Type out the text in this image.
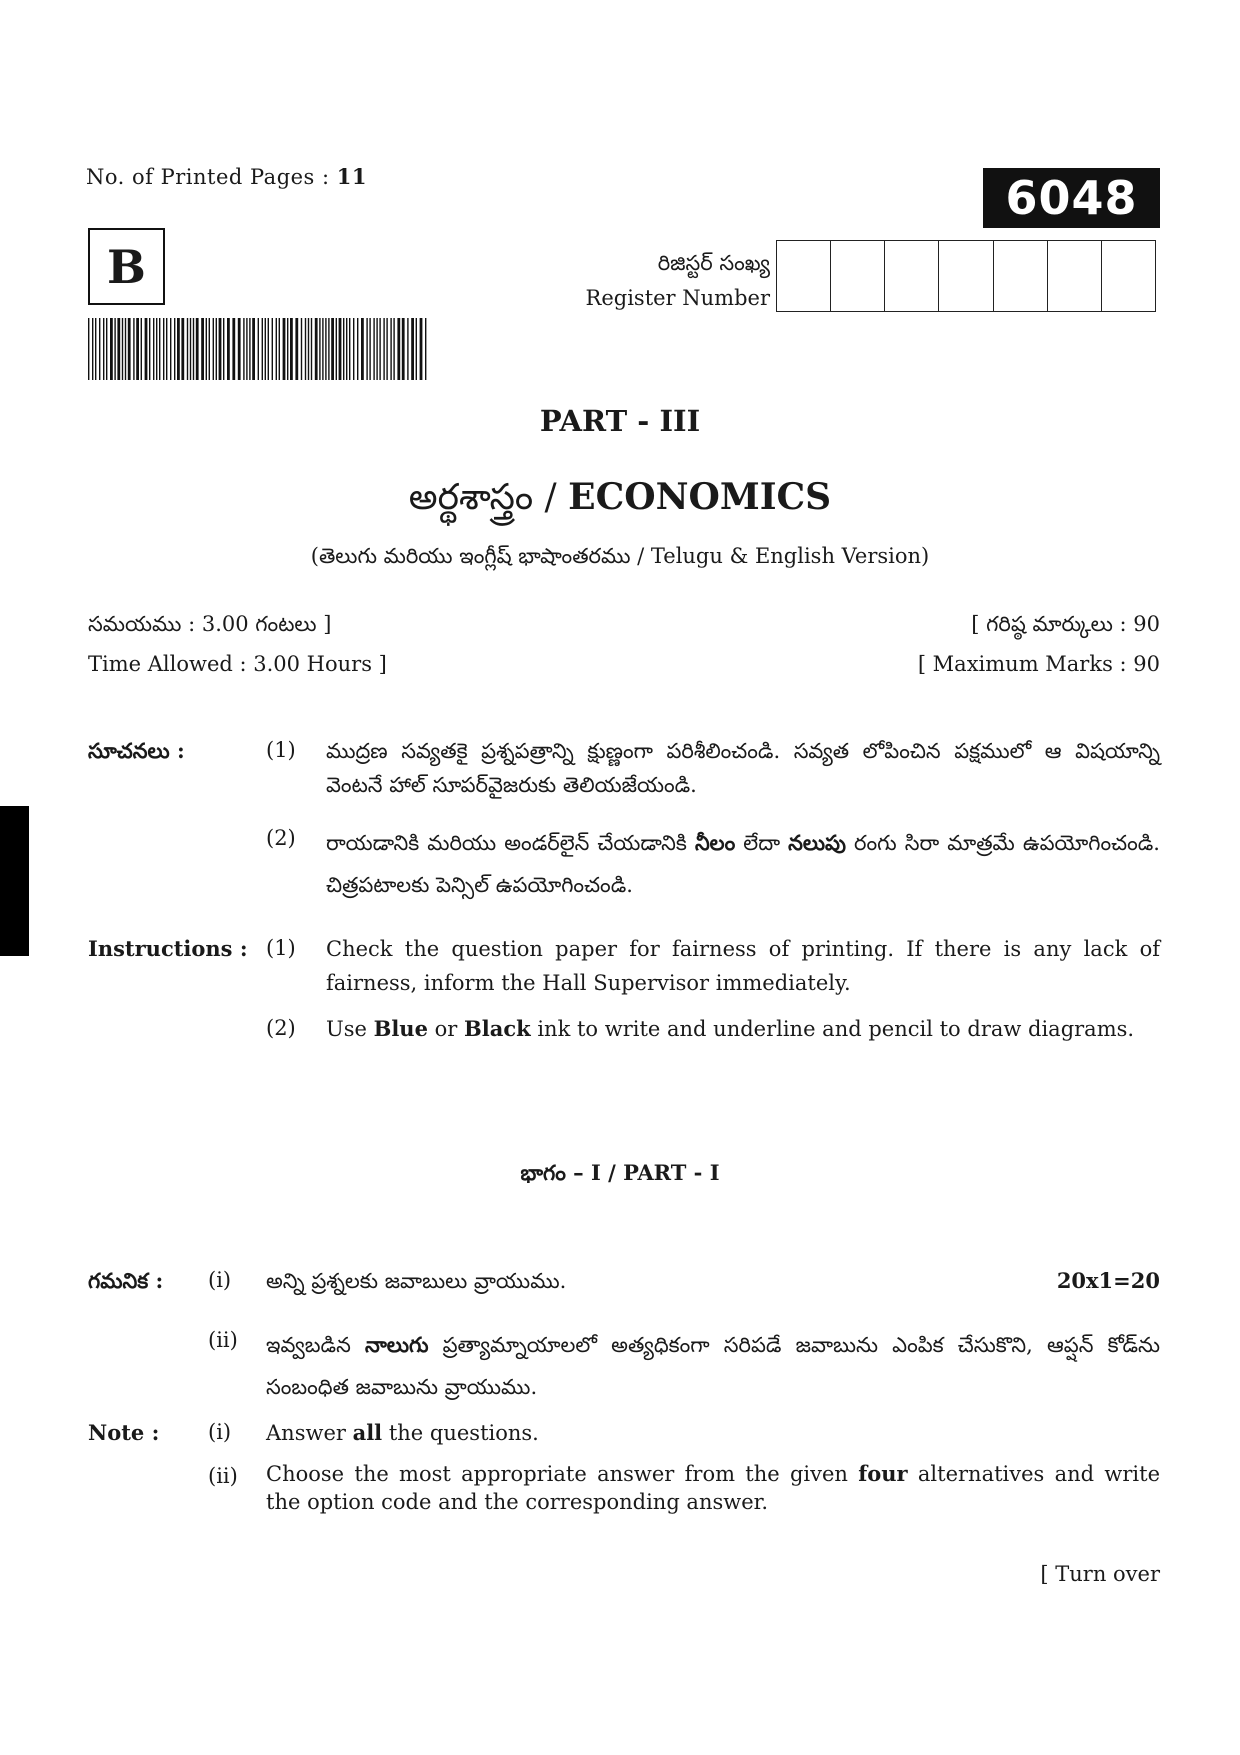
No. of Printed Pages : 11	6048
B	రిజిస్టర్ సంఖ్య
Register Number
PART - III
అర్థశాస్త్రం / ECONOMICS
(తెలుగు మరియు ఇంగ్లీష్ భాషాంతరము / Telugu & English Version)
సమయము : 3.00 గంటలు ]	[ గరిష్ఠ మార్కులు : 90
Time Allowed : 3.00 Hours ]	[ Maximum Marks : 90
సూచనలు :	(1) ముద్రణ సవ్యతకై ప్రశ్నపత్రాన్ని క్షుణ్ణంగా పరిశీలించండి. సవ్యత లోపించిన పక్షములో ఆ విషయాన్ని వెంటనే హాల్ సూపర్‌వైజరుకు తెలియజేయండి.
(2) రాయడానికి మరియు అండర్‌లైన్ చేయడానికి నీలం లేదా నలుపు రంగు సిరా మాత్రమే ఉపయోగించండి. చిత్రపటాలకు పెన్సిల్ ఉపయోగించండి.
Instructions : (1) Check the question paper for fairness of printing. If there is any lack of fairness, inform the Hall Supervisor immediately.
(2) Use Blue or Black ink to write and underline and pencil to draw diagrams.
భాగం – I / PART - I
గమనిక : (i) అన్ని ప్రశ్నలకు జవాబులు వ్రాయుము.	20x1=20
(ii) ఇవ్వబడిన నాలుగు ప్రత్యామ్నాయాలలో అత్యధికంగా సరిపడే జవాబును ఎంపిక చేసుకొని, ఆప్షన్ కోడ్‌ను సంబంధిత జవాబును వ్రాయుము.
Note : (i) Answer all the questions.
(ii) Choose the most appropriate answer from the given four alternatives and write the option code and the corresponding answer.
[ Turn over
